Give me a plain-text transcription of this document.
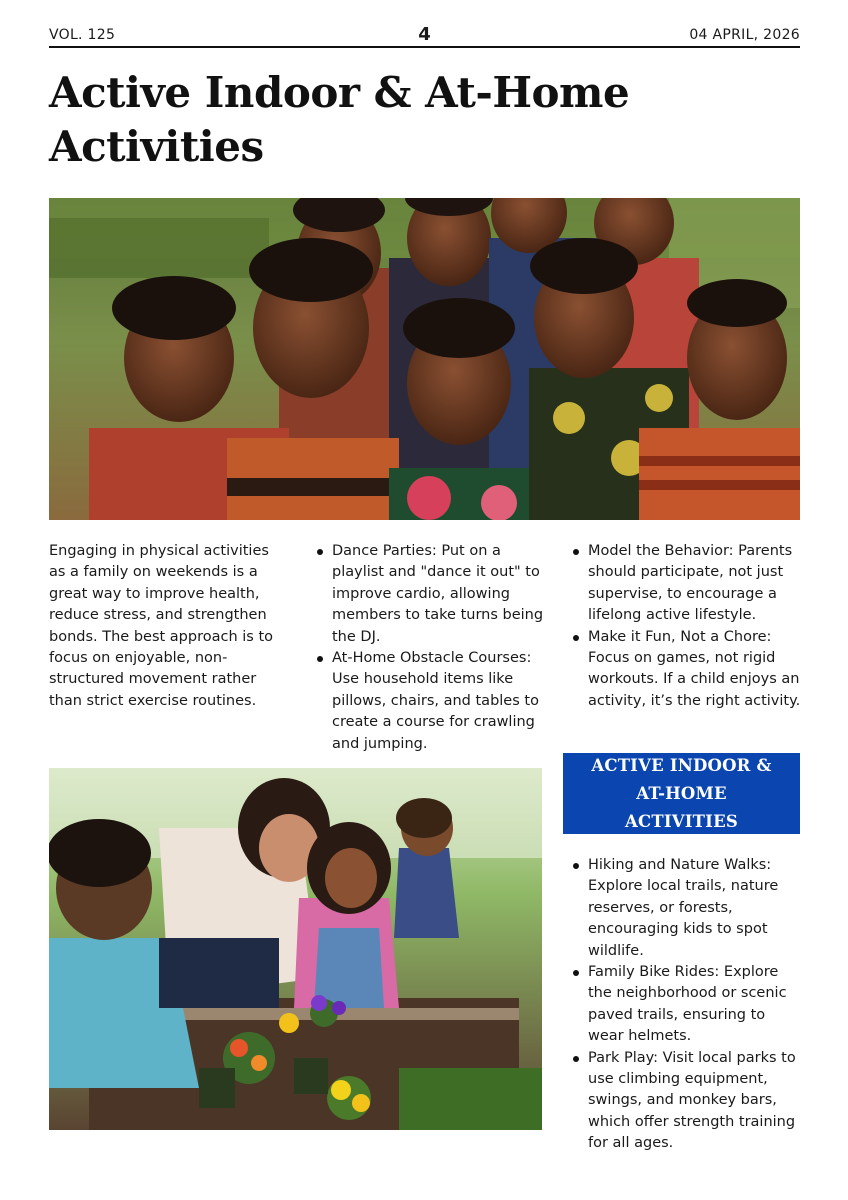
VOL. 125	4	04 APRIL, 2026
Active Indoor & At-Home Activities

Engaging in physical activities as a family on weekends is a great way to improve health, reduce stress, and strengthen bonds. The best approach is to focus on enjoyable, non-structured movement rather than strict exercise routines.

Dance Parties: Put on a playlist and "dance it out" to improve cardio, allowing members to take turns being the DJ.
At-Home Obstacle Courses: Use household items like pillows, chairs, and tables to create a course for crawling and jumping.
Model the Behavior: Parents should participate, not just supervise, to encourage a lifelong active lifestyle.
Make it Fun, Not a Chore: Focus on games, not rigid workouts. If a child enjoys an activity, it’s the right activity.
ACTIVE INDOOR & AT-HOME ACTIVITIES
Hiking and Nature Walks: Explore local trails, nature reserves, or forests, encouraging kids to spot wildlife.
Family Bike Rides: Explore the neighborhood or scenic paved trails, ensuring to wear helmets.
Park Play: Visit local parks to use climbing equipment, swings, and monkey bars, which offer strength training for all ages.
